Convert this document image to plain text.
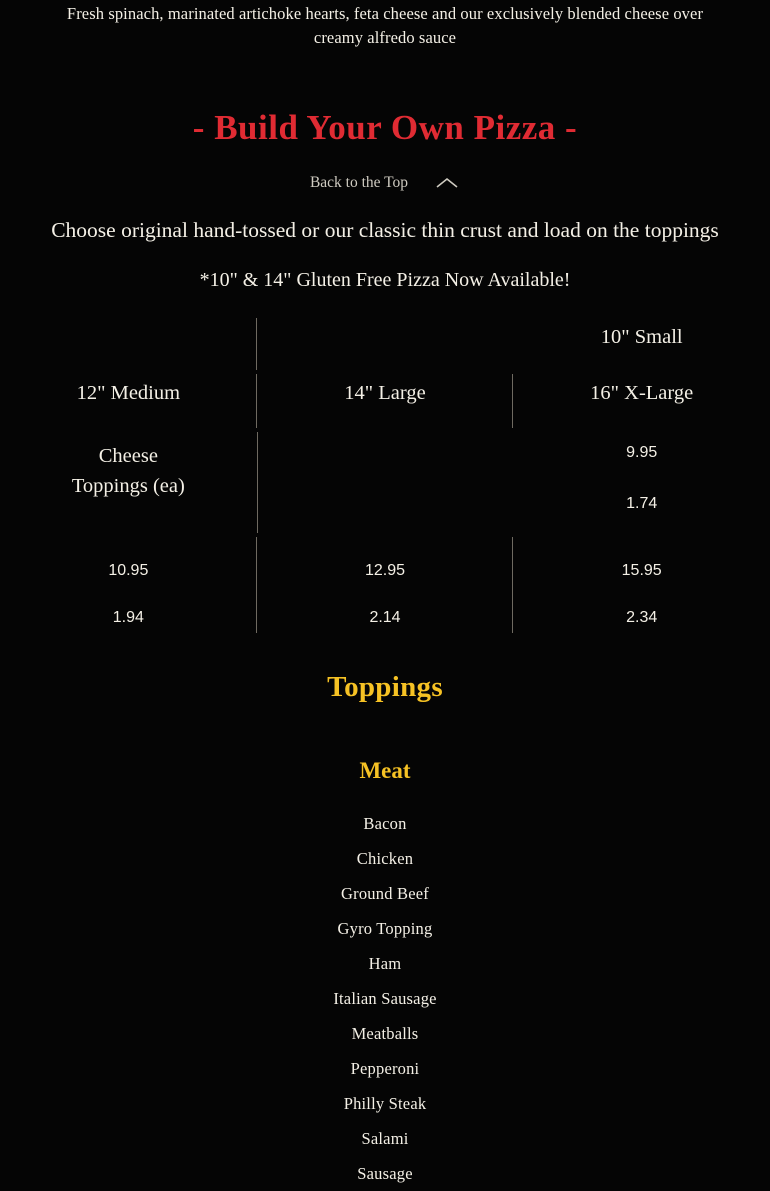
Fresh spinach, marinated artichoke hearts, feta cheese and our exclusively blended cheese over
creamy alfredo sauce
- Build Your Own Pizza -
Back to the Top
Choose original hand-tossed or our classic thin crust and load on the toppings
*10" & 14" Gluten Free Pizza Now Available!
10" Small
12" Medium	14" Large	16" X-Large
Cheese
Toppings (ea)
9.95
1.74
10.95
1.94
12.95
2.14
15.95
2.34
Toppings
Meat
Bacon
Chicken
Ground Beef
Gyro Topping
Ham
Italian Sausage
Meatballs
Pepperoni
Philly Steak
Salami
Sausage
